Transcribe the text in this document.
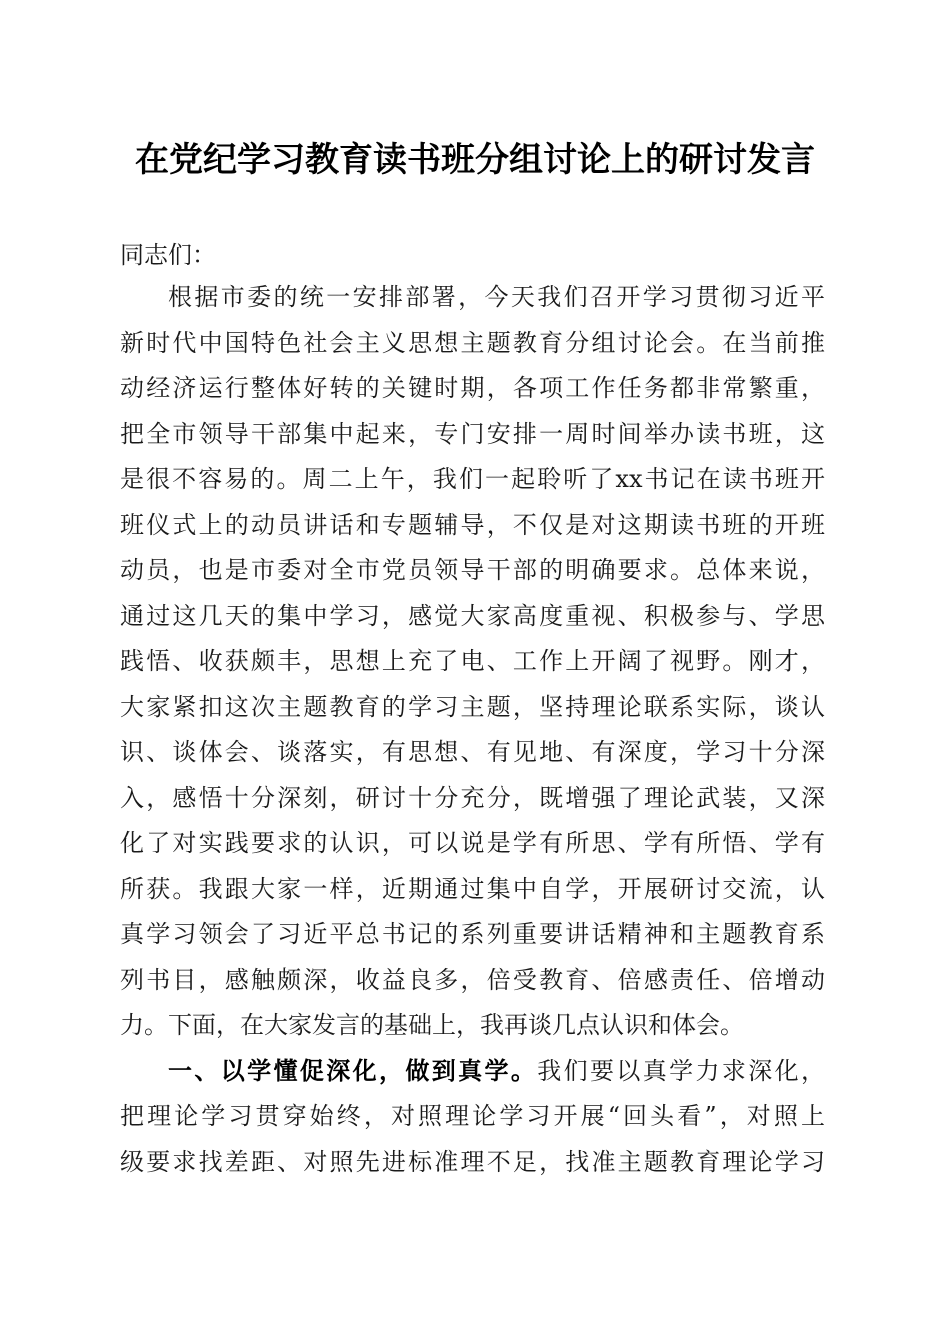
在党纪学习教育读书班分组讨论上的研讨发言
同志们：
根据市委的统一安排部署，今天我们召开学习贯彻习近平
新时代中国特色社会主义思想主题教育分组讨论会。在当前推
动经济运行整体好转的关键时期，各项工作任务都非常繁重，
把全市领导干部集中起来，专门安排一周时间举办读书班，这
是很不容易的。周二上午，我们一起聆听了xx书记在读书班开
班仪式上的动员讲话和专题辅导，不仅是对这期读书班的开班
动员，也是市委对全市党员领导干部的明确要求。总体来说，
通过这几天的集中学习，感觉大家高度重视、积极参与、学思
践悟、收获颇丰，思想上充了电、工作上开阔了视野。刚才，
大家紧扣这次主题教育的学习主题，坚持理论联系实际，谈认
识、谈体会、谈落实，有思想、有见地、有深度，学习十分深
入，感悟十分深刻，研讨十分充分，既增强了理论武装，又深
化了对实践要求的认识，可以说是学有所思、学有所悟、学有
所获。我跟大家一样，近期通过集中自学，开展研讨交流，认
真学习领会了习近平总书记的系列重要讲话精神和主题教育系
列书目，感触颇深，收益良多，倍受教育、倍感责任、倍增动
力。下面，在大家发言的基础上，我再谈几点认识和体会。
一、以学懂促深化，做到真学。我们要以真学力求深化，
把理论学习贯穿始终，对照理论学习开展“回头看”，对照上
级要求找差距、对照先进标准理不足，找准主题教育理论学习
